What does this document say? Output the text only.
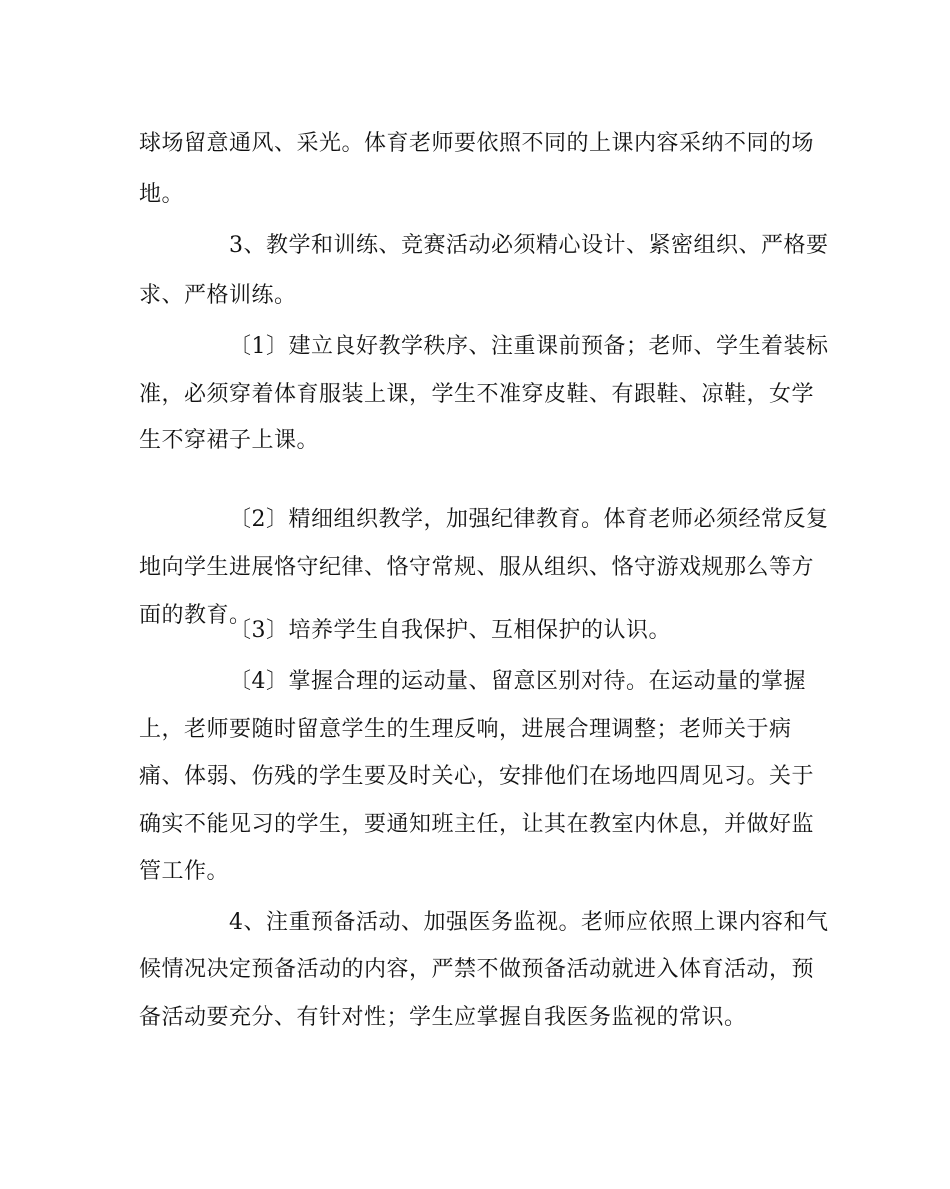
球场留意通风、采光。体育老师要依照不同的上课内容采纳不同的场
地。
3、教学和训练、竞赛活动必须精心设计、紧密组织、严格要
求、严格训练。
〔1〕建立良好教学秩序、注重课前预备；老师、学生着装标
准，必须穿着体育服装上课，学生不准穿皮鞋、有跟鞋、凉鞋，女学
生不穿裙子上课。
〔2〕精细组织教学，加强纪律教育。体育老师必须经常反复
地向学生进展恪守纪律、恪守常规、服从组织、恪守游戏规那么等方
面的教育。
〔3〕培养学生自我保护、互相保护的认识。
〔4〕掌握合理的运动量、留意区别对待。在运动量的掌握
上，老师要随时留意学生的生理反响，进展合理调整；老师关于病
痛、体弱、伤残的学生要及时关心，安排他们在场地四周见习。关于
确实不能见习的学生，要通知班主任，让其在教室内休息，并做好监
管工作。
4、注重预备活动、加强医务监视。老师应依照上课内容和气
候情况决定预备活动的内容，严禁不做预备活动就进入体育活动，预
备活动要充分、有针对性；学生应掌握自我医务监视的常识。
